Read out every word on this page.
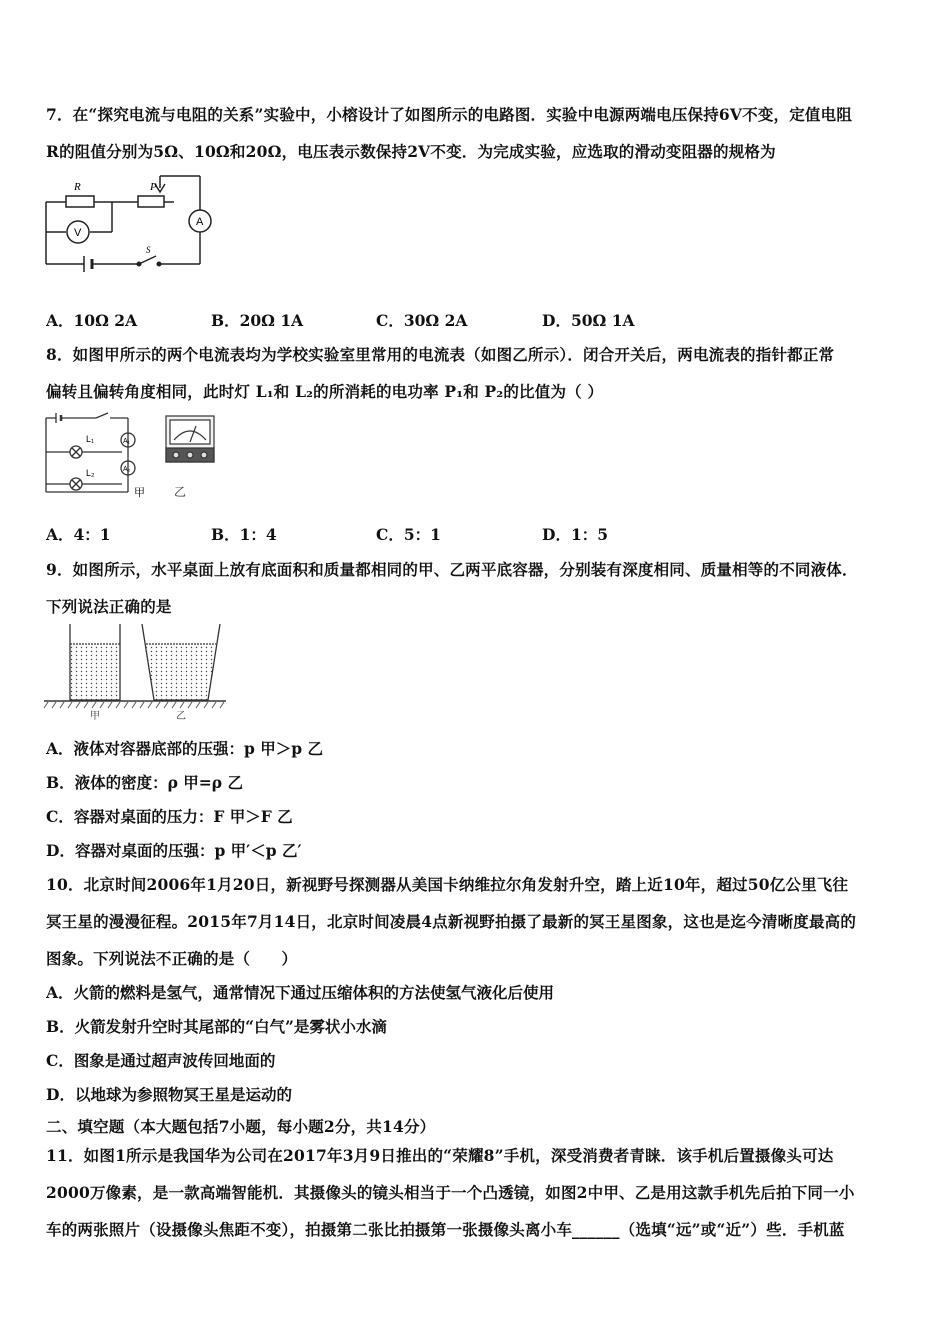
7．在“探究电流与电阻的关系”实验中，小榕设计了如图所示的电路图．实验中电源两端电压保持6V不变，定值电阻
R的阻值分别为5Ω、10Ω和20Ω，电压表示数保持2V不变．为完成实验，应选取的滑动变阻器的规格为
R	P
V
A
S
A．10Ω 2A	B．20Ω 1A	C．30Ω 2A	D．50Ω 1A
8．如图甲所示的两个电流表均为学校实验室里常用的电流表（如图乙所示）．闭合开关后，两电流表的指针都正常
偏转且偏转角度相同，此时灯 L₁和 L₂的所消耗的电功率 P₁和 P₂的比值为（ ）
L₁
L₂
A₁
A₂
甲 乙
A．4：1	B．1：4	C．5：1	D．1：5
9．如图所示，水平桌面上放有底面积和质量都相同的甲、乙两平底容器，分别装有深度相同、质量相等的不同液体．
下列说法正确的是
甲	乙
A．液体对容器底部的压强：p 甲＞p 乙
B．液体的密度：ρ 甲=ρ 乙
C．容器对桌面的压力：F 甲＞F 乙
D．容器对桌面的压强：p 甲′＜p 乙′
10．北京时间2006年1月20日，新视野号探测器从美国卡纳维拉尔角发射升空，踏上近10年，超过50亿公里飞往
冥王星的漫漫征程。2015年7月14日，北京时间凌晨4点新视野拍摄了最新的冥王星图象，这也是迄今清晰度最高的
图象。下列说法不正确的是（　　）
A．火箭的燃料是氢气，通常情况下通过压缩体积的方法使氢气液化后使用
B．火箭发射升空时其尾部的“白气”是雾状小水滴
C．图象是通过超声波传回地面的
D．以地球为参照物冥王星是运动的
二、填空题（本大题包括7小题，每小题2分，共14分）
11．如图1所示是我国华为公司在2017年3月9日推出的“荣耀8”手机，深受消费者青睐．该手机后置摄像头可达
2000万像素，是一款高端智能机．其摄像头的镜头相当于一个凸透镜，如图2中甲、乙是用这款手机先后拍下同一小
车的两张照片（设摄像头焦距不变），拍摄第二张比拍摄第一张摄像头离小车______（选填“远”或“近”）些．手机蓝
